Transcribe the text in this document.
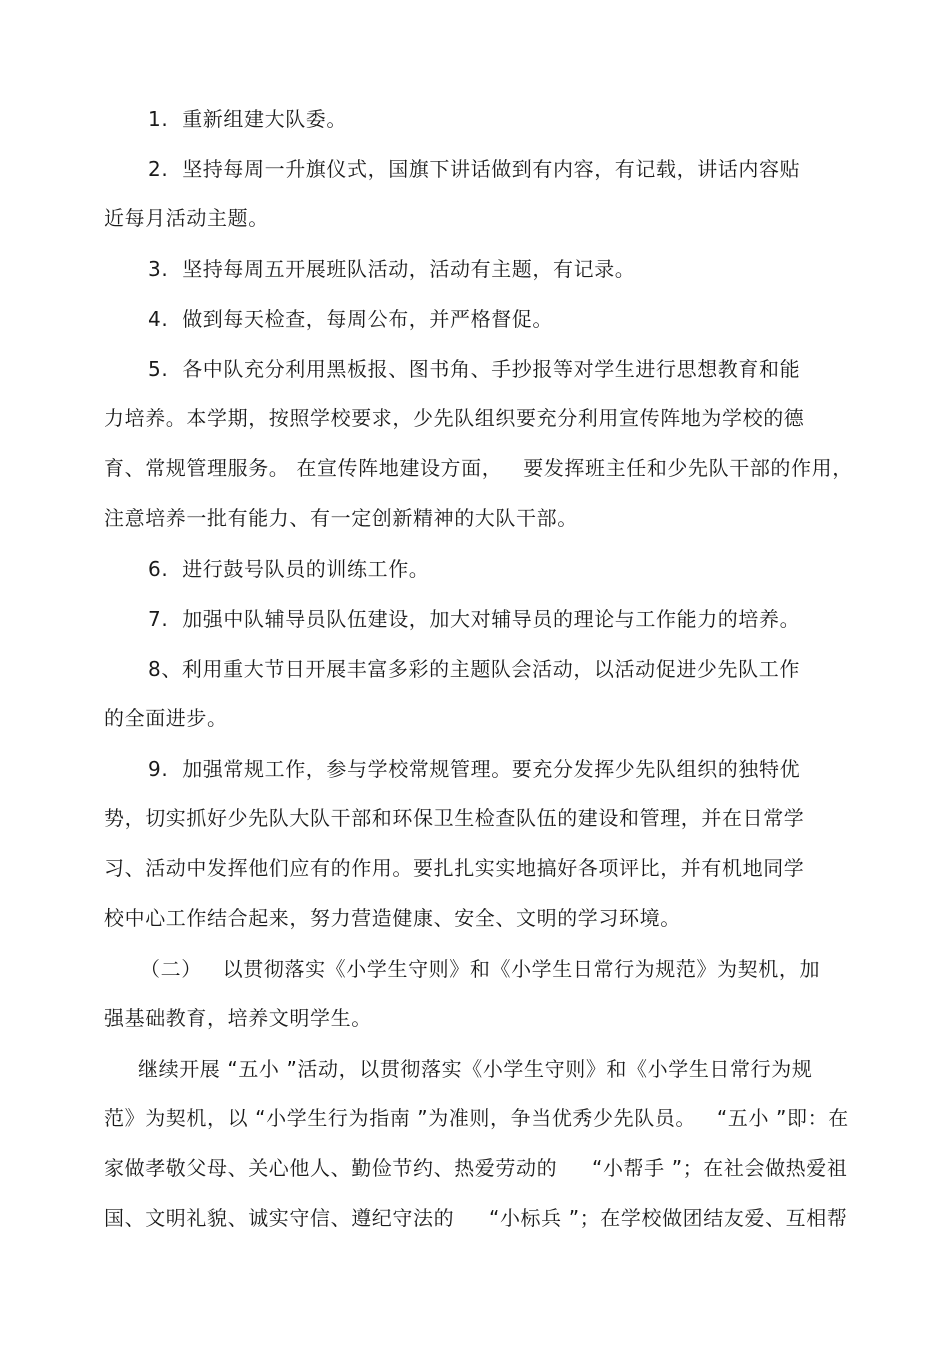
1.  重新组建大队委。
2.  坚持每周一升旗仪式，国旗下讲话做到有内容，有记载，讲话内容贴
近每月活动主题。
3.  坚持每周五开展班队活动，活动有主题，有记录。
4.  做到每天检查，每周公布，并严格督促。
5.  各中队充分利用黑板报、图书角、手抄报等对学生进行思想教育和能
力培养。本学期，按照学校要求，少先队组织要充分利用宣传阵地为学校的德
育、常规管理服务。 在宣传阵地建设方面，   要发挥班主任和少先队干部的作用，
注意培养一批有能力、有一定创新精神的大队干部。
6.  进行鼓号队员的训练工作。
7.  加强中队辅导员队伍建设，加大对辅导员的理论与工作能力的培养。
8、利用重大节日开展丰富多彩的主题队会活动，以活动促进少先队工作
的全面进步。
9.  加强常规工作，参与学校常规管理。要充分发挥少先队组织的独特优
势，切实抓好少先队大队干部和环保卫生检查队伍的建设和管理，并在日常学
习、活动中发挥他们应有的作用。要扎扎实实地搞好各项评比，并有机地同学
校中心工作结合起来，努力营造健康、安全、文明的学习环境。
（二）   以贯彻落实《小学生守则》和《小学生日常行为规范》为契机，加
强基础教育，培养文明学生。
继续开展 “五小 ”活动，以贯彻落实《小学生守则》和《小学生日常行为规
范》为契机，以 “小学生行为指南 ”为准则，争当优秀少先队员。   “五小 ”即：在
家做孝敬父母、关心他人、勤俭节约、热爱劳动的     “小帮手 ”；在社会做热爱祖
国、文明礼貌、诚实守信、遵纪守法的     “小标兵 ”；在学校做团结友爱、互相帮
